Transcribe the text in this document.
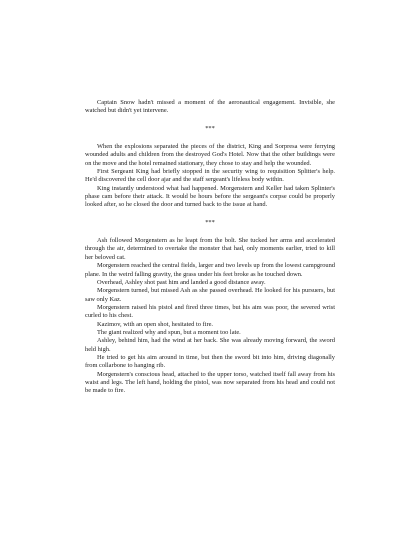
Captain Snow hadn't missed a moment of the aeronautical engagement. Invisible, she watched but didn't yet intervene.

***

When the explosions separated the pieces of the district, King and Sorpresa were ferrying wounded adults and children from the destroyed God's Hotel. Now that the other buildings were on the move and the hotel remained stationary, they chose to stay and help the wounded.

First Sergeant King had briefly stopped in the security wing to requisition Splitter's help. He'd discovered the cell door ajar and the staff sergeant's lifeless body within.

King instantly understood what had happened. Morgenstern and Keller had taken Splinter's phase cam before their attack. It would be hours before the sergeant's corpse could be properly looked after, so he closed the door and turned back to the issue at hand.

***

Ash followed Morgenstern as he leapt from the bolt. She tucked her arms and accelerated through the air, determined to overtake the monster that had, only moments earlier, tried to kill her beloved cat.

Morgenstern reached the central fields, larger and two levels up from the lowest campground plane. In the weird falling gravity, the grass under his feet broke as he touched down.

Overhead, Ashley shot past him and landed a good distance away.

Morgenstern turned, but missed Ash as she passed overhead. He looked for his pursuers, but saw only Kaz.

Morgenstern raised his pistol and fired three times, but his aim was poor, the severed wrist curled to his chest.

Kazimov, with an open shot, hesitated to fire.

The giant realized why and spun, but a moment too late.

Ashley, behind him, had the wind at her back. She was already moving forward, the sword held high.

He tried to get his aim around in time, but then the sword bit into him, driving diagonally from collarbone to hanging rib.

Morgenstern's conscious head, attached to the upper torso, watched itself fall away from his waist and legs. The left hand, holding the pistol, was now separated from his head and could not be made to fire.
